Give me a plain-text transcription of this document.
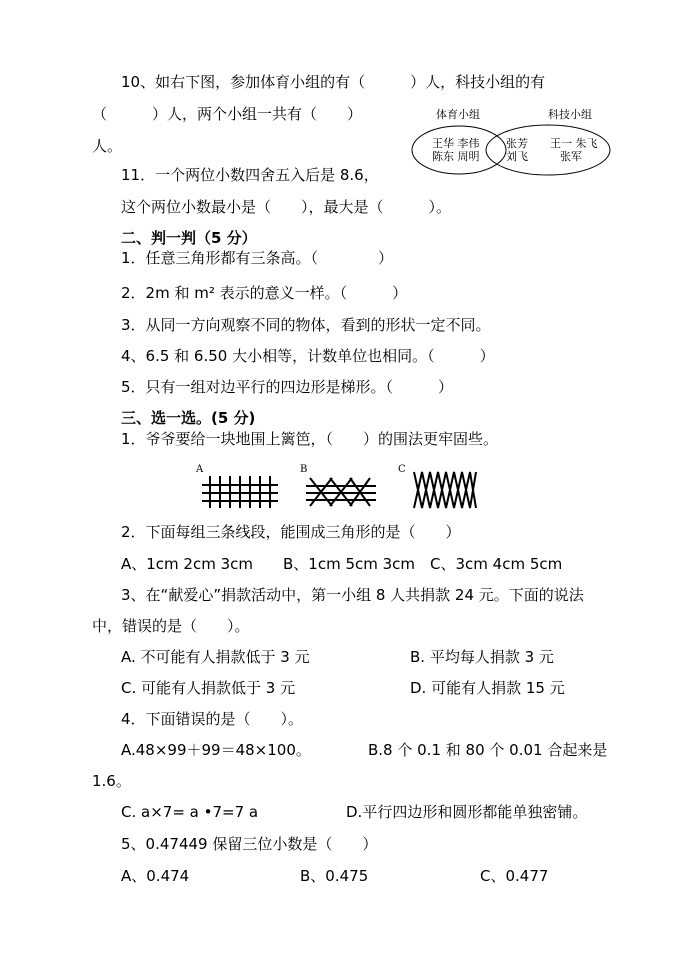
10、如右下图，参加体育小组的有（　　　）人，科技小组的有
（　　　）人，两个小组一共有（　　）
人。
体育小组	科技小组
王华 李伟
陈东 周明
张芳
刘飞
王一 朱飞
张军
11．一个两位小数四舍五入后是 8.6，
这个两位小数最小是（　　），最大是（　　　）。
二、判一判（5 分）
1．任意三角形都有三条高。（　　　　）
2．2m 和 m² 表示的意义一样。（　　　）
3．从同一方向观察不同的物体，看到的形状一定不同。
4、6.5 和 6.50 大小相等，计数单位也相同。（　　　）
5．只有一组对边平行的四边形是梯形。（　　　）
三、选一选。(5 分)
1．爷爷要给一块地围上篱笆，（　　）的围法更牢固些。
A	B	C
2．下面每组三条线段，能围成三角形的是（　　）
A、1cm 2cm 3cm　　B、1cm 5cm 3cm　C、3cm 4cm 5cm
3、在“献爱心”捐款活动中，第一小组 8 人共捐款 24 元。下面的说法
中，错误的是（　　）。
A. 不可能有人捐款低于 3 元	B. 平均每人捐款 3 元
C. 可能有人捐款低于 3 元	D. 可能有人捐款 15 元
4．下面错误的是（　　）。
A.48×99＋99＝48×100。	B.8 个 0.1 和 80 个 0.01 合起来是
1.6。
C. a×7= a •7=7 a	D.平行四边形和圆形都能单独密铺。
5、0.47449 保留三位小数是（　　）
A、0.474	B、0.475	C、0.477
